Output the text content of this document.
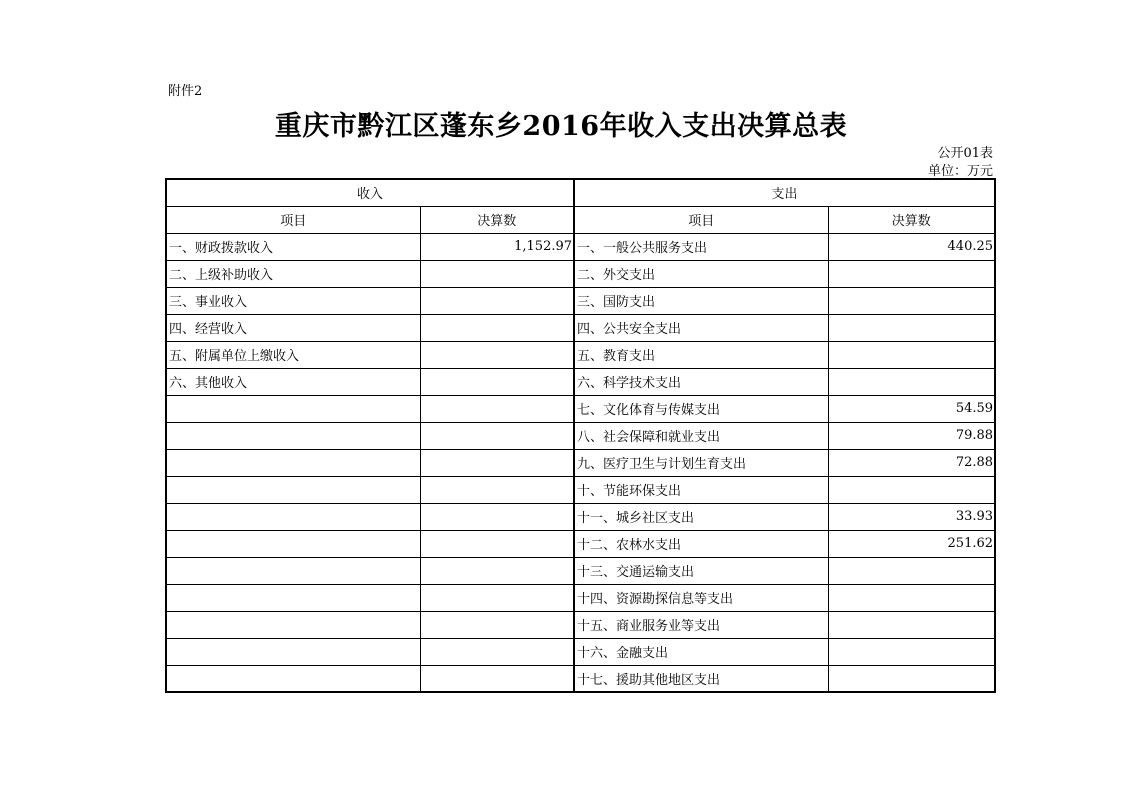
附件2
重庆市黔江区蓬东乡2016年收入支出决算总表
公开01表
单位：万元
收入		支出	
项目	决算数	项目	决算数
一、财政拨款收入	1,152.97	一、一般公共服务支出	440.25
二、上级补助收入		二、外交支出	
三、事业收入		三、国防支出	
四、经营收入		四、公共安全支出	
五、附属单位上缴收入		五、教育支出	
六、其他收入		六、科学技术支出	
		七、文化体育与传媒支出	54.59
		八、社会保障和就业支出	79.88
		九、医疗卫生与计划生育支出	72.88
		十、节能环保支出	
		十一、城乡社区支出	33.93
		十二、农林水支出	251.62
		十三、交通运输支出	
		十四、资源勘探信息等支出	
		十五、商业服务业等支出	
		十六、金融支出	
		十七、援助其他地区支出	
